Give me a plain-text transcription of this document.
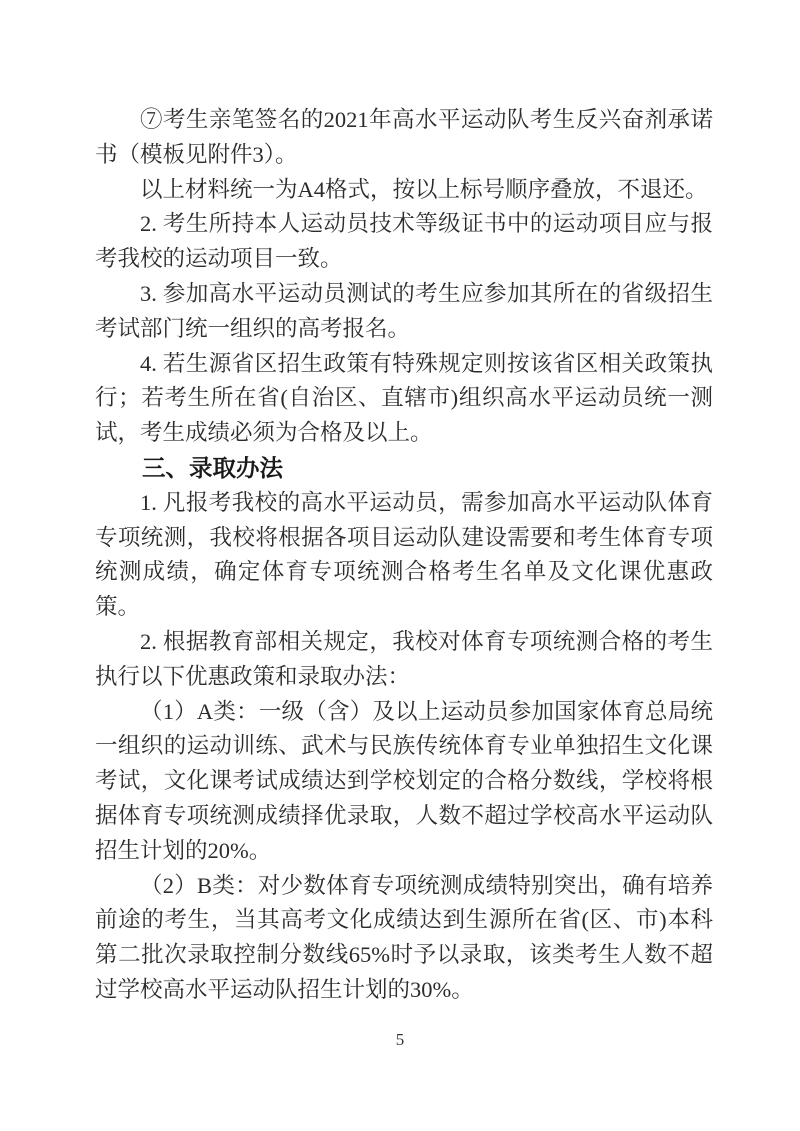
⑦考生亲笔签名的2021年高水平运动队考生反兴奋剂承诺书（模板见附件3）。

以上材料统一为A4格式，按以上标号顺序叠放，不退还。

2. 考生所持本人运动员技术等级证书中的运动项目应与报考我校的运动项目一致。

3. 参加高水平运动员测试的考生应参加其所在的省级招生考试部门统一组织的高考报名。

4. 若生源省区招生政策有特殊规定则按该省区相关政策执行；若考生所在省(自治区、直辖市)组织高水平运动员统一测试，考生成绩必须为合格及以上。

三、录取办法

1. 凡报考我校的高水平运动员，需参加高水平运动队体育专项统测，我校将根据各项目运动队建设需要和考生体育专项统测成绩，确定体育专项统测合格考生名单及文化课优惠政策。

2. 根据教育部相关规定，我校对体育专项统测合格的考生执行以下优惠政策和录取办法：

（1）A类：一级（含）及以上运动员参加国家体育总局统一组织的运动训练、武术与民族传统体育专业单独招生文化课考试，文化课考试成绩达到学校划定的合格分数线，学校将根据体育专项统测成绩择优录取，人数不超过学校高水平运动队招生计划的20%。

（2）B类：对少数体育专项统测成绩特别突出，确有培养前途的考生，当其高考文化成绩达到生源所在省(区、市)本科第二批次录取控制分数线65%时予以录取，该类考生人数不超过学校高水平运动队招生计划的30%。

5
